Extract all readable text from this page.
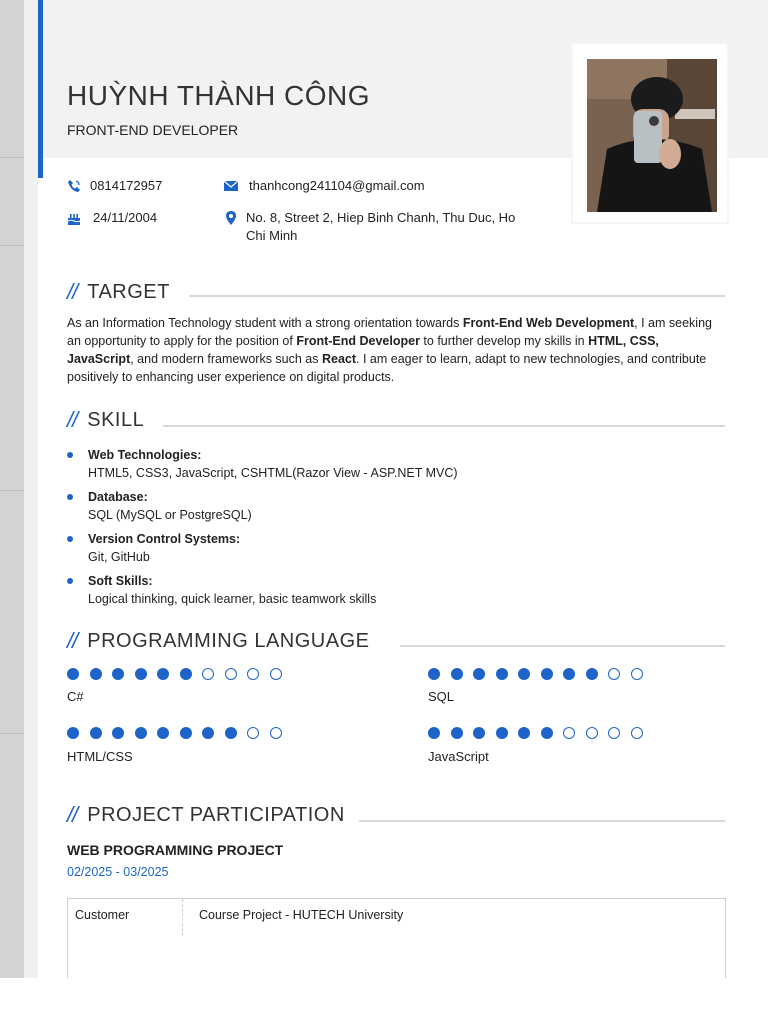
HUỲNH THÀNH CÔNG
FRONT-END DEVELOPER
0814172957	thanhcong241104@gmail.com
24/11/2004	No. 8, Street 2, Hiep Binh Chanh, Thu Duc, Ho Chi Minh
// TARGET

As an Information Technology student with a strong orientation towards Front-End Web Development, I am seeking an opportunity to apply for the position of Front-End Developer to further develop my skills in HTML, CSS, JavaScript, and modern frameworks such as React. I am eager to learn, adapt to new technologies, and contribute positively to enhancing user experience on digital products.

// SKILL
Web Technologies:
HTML5, CSS3, JavaScript, CSHTML(Razor View - ASP.NET MVC)
Database:
SQL (MySQL or PostgreSQL)
Version Control Systems:
Git, GitHub
Soft Skills:
Logical thinking, quick learner, basic teamwork skills
// PROGRAMMING LANGUAGE
C#	SQL
HTML/CSS	JavaScript
// PROJECT PARTICIPATION
WEB PROGRAMMING PROJECT
02/2025 - 03/2025
Customer	Course Project - HUTECH University
